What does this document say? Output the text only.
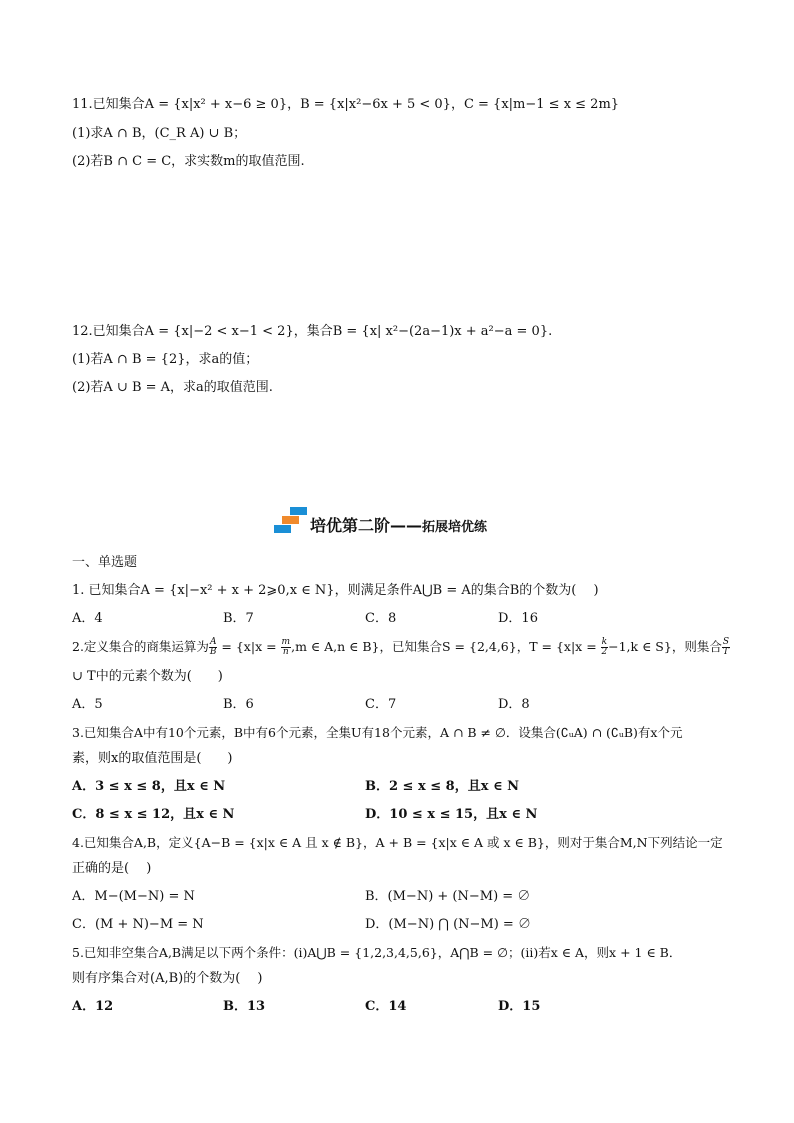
11.已知集合A = {x|x² + x−6 ≥ 0}，B = {x|x²−6x + 5 < 0}，C = {x|m−1 ≤ x ≤ 2m}
(1)求A ∩ B，(C_R A) ∪ B；
(2)若B ∩ C = C，求实数m的取值范围.
12.已知集合A = {x|−2 < x−1 < 2}，集合B = {x| x²−(2a−1)x + a²−a = 0}.
(1)若A ∩ B = {2}，求a的值；
(2)若A ∪ B = A，求a的取值范围.
培优第二阶——拓展培优练
一、单选题
1. 已知集合A = {x|−x² + x + 2⩾0,x ∈ N}，则满足条件A⋃B = A的集合B的个数为(　 )
A．4	B．7	C．8	D．16
2.定义集合的商集运算为 $\frac{A}{B} = \{x|x = \frac{m}{n} ,m$ ∈ A,n ∈ B}，已知集合S = {2,4,6}，$T = \{x|x = \frac{k}{2} -1,k$ ∈ S}，则集合 $\frac{S}{T}$
∪ T中的元素个数为(　　)
A．5	B．6	C．7	D．8
3.已知集合A中有10个元素，B中有6个元素，全集U有18个元素，A ∩ B ≠ ∅．设集合(∁ᵤA) ∩ (∁ᵤB)有x个元
素，则x的取值范围是(　　)
A．3 ≤ x ≤ 8，且x ∈ N	B．2 ≤ x ≤ 8，且x ∈ N
C．8 ≤ x ≤ 12，且x ∈ N	D．10 ≤ x ≤ 15，且x ∈ N
4.已知集合A,B，定义{A−B = {x|x ∈ A 且 x ∉ B}，A + B = {x|x ∈ A 或 x ∈ B}，则对于集合M,N下列结论一定
正确的是(　 )
A．M−(M−N) = N	B．(M−N) + (N−M) = ∅
C．(M + N)−M = N	D．(M−N) ⋂ (N−M) = ∅
5.已知非空集合A,B满足以下两个条件：(ⅰ)A⋃B = {1,2,3,4,5,6}，A⋂B = ∅；(ⅱ)若x ∈ A，则x + 1 ∈ B．
则有序集合对(A,B)的个数为(　 )
A．12	B．13	C．14	D．15
